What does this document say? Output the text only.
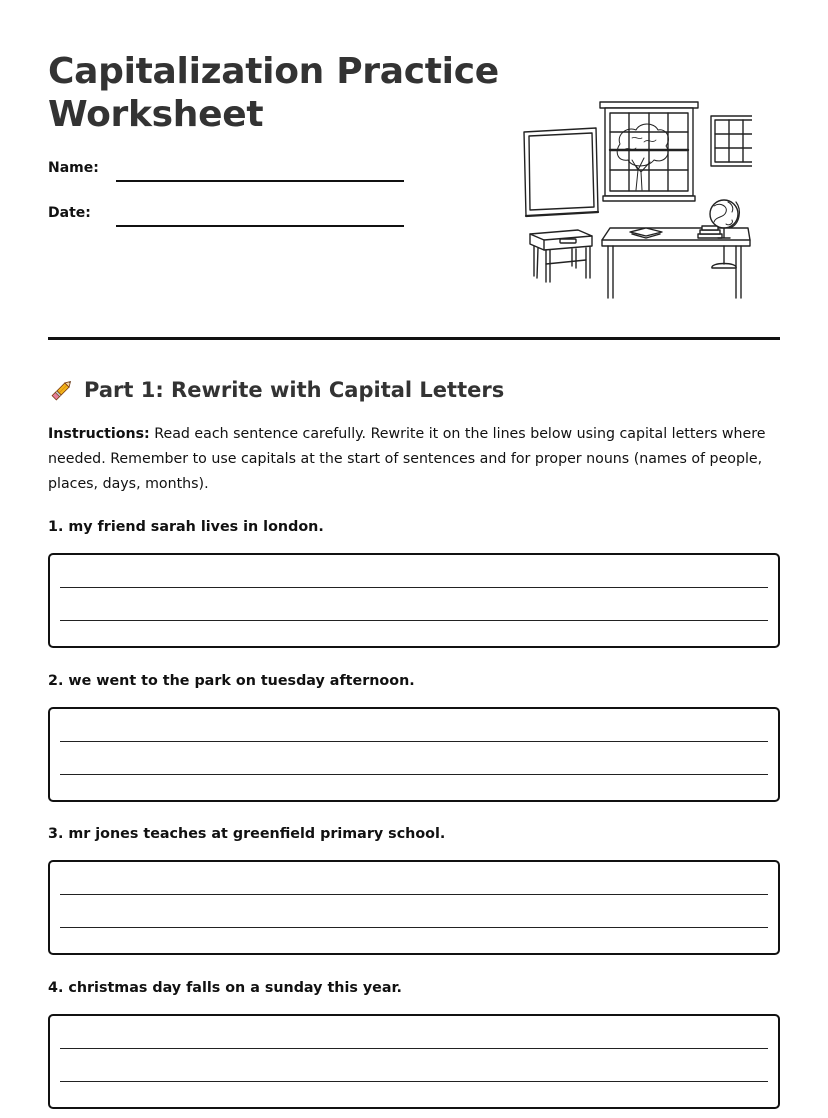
Capitalization Practice Worksheet
Name:
Date:
Part 1: Rewrite with Capital Letters

Instructions: Read each sentence carefully. Rewrite it on the lines below using capital letters where needed. Remember to use capitals at the start of sentences and for proper nouns (names of people, places, days, months).

1. my friend sarah lives in london.

2. we went to the park on tuesday afternoon.

3. mr jones teaches at greenfield primary school.

4. christmas day falls on a sunday this year.
